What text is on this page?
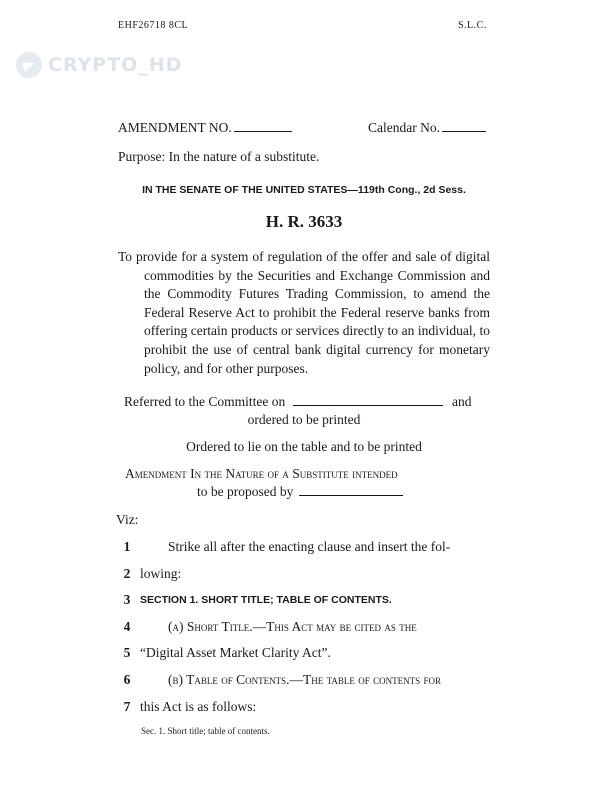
EHF26718 8CL	S.L.C.
CRYPTO_HD
AMENDMENT NO.	Calendar No.
Purpose: In the nature of a substitute.
IN THE SENATE OF THE UNITED STATES—119th Cong., 2d Sess.
H. R. 3633

To provide for a system of regulation of the offer and sale of digital commodities by the Securities and Exchange Commission and the Commodity Futures Trading Commission, to amend the Federal Reserve Act to prohibit the Federal reserve banks from offering certain products or services directly to an individual, to prohibit the use of central bank digital currency for monetary policy, and for other purposes.

Referred to the Committee on	and
ordered to be printed
Ordered to lie on the table and to be printed
Amendment In the Nature of a Substitute intended
to be proposed by
Viz:
1	Strike all after the enacting clause and insert the fol-
2 lowing:
3 SECTION 1. SHORT TITLE; TABLE OF CONTENTS.
4	(a) Short Title.—This Act may be cited as the
5 “Digital Asset Market Clarity Act”.
6	(b) Table of Contents.—The table of contents for
7 this Act is as follows:
Sec. 1. Short title; table of contents.
